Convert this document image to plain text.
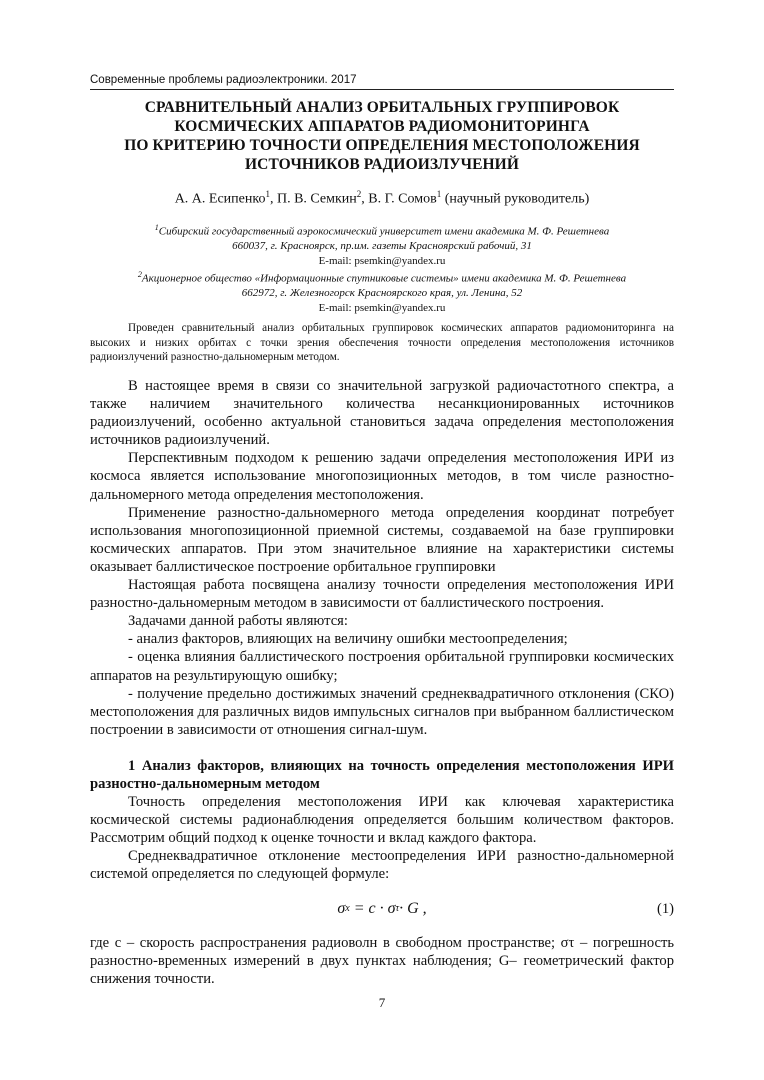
Современные проблемы радиоэлектроники. 2017
СРАВНИТЕЛЬНЫЙ АНАЛИЗ ОРБИТАЛЬНЫХ ГРУППИРОВОК
КОСМИЧЕСКИХ АППАРАТОВ РАДИОМОНИТОРИНГА
ПО КРИТЕРИЮ ТОЧНОСТИ ОПРЕДЕЛЕНИЯ МЕСТОПОЛОЖЕНИЯ
ИСТОЧНИКОВ РАДИОИЗЛУЧЕНИЙ
А. А. Есипенко$^1$, П. В. Семкин$^2$, В. Г. Сомов$^1$ (научный руководитель)
$^1$Сибирский государственный аэрокосмический университет имени академика М. Ф. Решетнева
660037, г. Красноярск, пр.им. газеты Красноярский рабочий, 31
E-mail: psemkin@yandex.ru
$^2$Акционерное общество «Информационные спутниковые системы» имени академика М. Ф. Решетнева
662972, г. Железногорск Красноярского края, ул. Ленина, 52
E-mail: psemkin@yandex.ru
Проведен сравнительный анализ орбитальных группировок космических аппаратов радиомониторинга на высоких и низких орбитах с точки зрения обеспечения точности определения местоположения источников радиоизлучений разностно-дальномерным методом.

В настоящее время в связи со значительной загрузкой радиочастотного спектра, а также наличием значительного количества несанкционированных источников радиоизлучений, особенно актуальной становиться задача определения местоположения источников радиоизлучений.

Перспективным подходом к решению задачи определения местоположения ИРИ из космоса является использование многопозиционных методов, в том числе разностно-дальномерного метода определения местоположения.

Применение разностно-дальномерного метода определения координат потребует использования многопозиционной приемной системы, создаваемой на базе группировки космических аппаратов. При этом значительное влияние на характеристики системы оказывает баллистическое построение орбитальное группировки

Настоящая работа посвящена анализу точности определения местоположения ИРИ разностно-дальномерным методом в зависимости от баллистического построения.

Задачами данной работы являются:

- анализ факторов, влияющих на величину ошибки местоопределения;

- оценка влияния баллистического построения орбитальной группировки космических аппаратов на результирующую ошибку;

- получение предельно достижимых значений среднеквадратичного отклонения (СКО) местоположения для различных видов импульсных сигналов при выбранном баллистическом построении в зависимости от отношения сигнал-шум.

1 Анализ факторов, влияющих на точность определения местоположения ИРИ разностно-дальномерным методом

Точность определения местоположения ИРИ как ключевая характеристика космической системы радионаблюдения определяется большим количеством факторов. Рассмотрим общий подход к оценке точности и вклад каждого фактора.

Среднеквадратичное отклонение местоопределения ИРИ разностно-дальномерной системой определяется по следующей формуле:

σ x = c · σ τ · G ,	(1)

где с – скорость распространения радиоволн в свободном пространстве; στ – погрешность разностно-временных измерений в двух пунктах наблюдения; G– геометрический фактор снижения точности.

7
